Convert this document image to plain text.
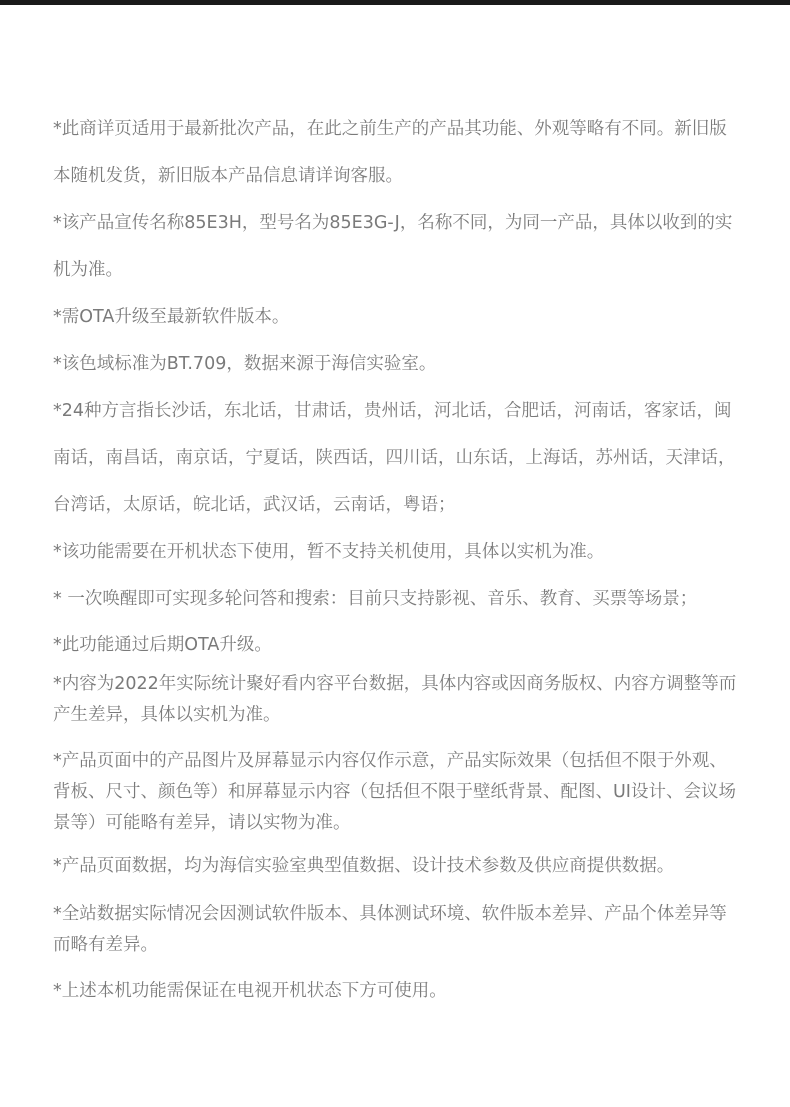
*此商详页适用于最新批次产品，在此之前生产的产品其功能、外观等略有不同。新旧版本随机发货，新旧版本产品信息请详询客服。

*该产品宣传名称85E3H，型号名为85E3G-J，名称不同，为同一产品，具体以收到的实机为准。

*需OTA升级至最新软件版本。

*该色域标准为BT.709，数据来源于海信实验室。

*24种方言指长沙话，东北话，甘肃话，贵州话，河北话，合肥话，河南话，客家话，闽南话，南昌话，南京话，宁夏话，陕西话，四川话，山东话，上海话，苏州话，天津话，台湾话，太原话，皖北话，武汉话，云南话，粤语；

*该功能需要在开机状态下使用，暂不支持关机使用，具体以实机为准。

* 一次唤醒即可实现多轮问答和搜索：目前只支持影视、音乐、教育、买票等场景；

*此功能通过后期OTA升级。

*内容为2022年实际统计聚好看内容平台数据，具体内容或因商务版权、内容方调整等而产生差异，具体以实机为准。

*产品页面中的产品图片及屏幕显示内容仅作示意，产品实际效果（包括但不限于外观、背板、尺寸、颜色等）和屏幕显示内容（包括但不限于壁纸背景、配图、UI设计、会议场景等）可能略有差异，请以实物为准。

*产品页面数据，均为海信实验室典型值数据、设计技术参数及供应商提供数据。

*全站数据实际情况会因测试软件版本、具体测试环境、软件版本差异、产品个体差异等而略有差异。

*上述本机功能需保证在电视开机状态下方可使用。
